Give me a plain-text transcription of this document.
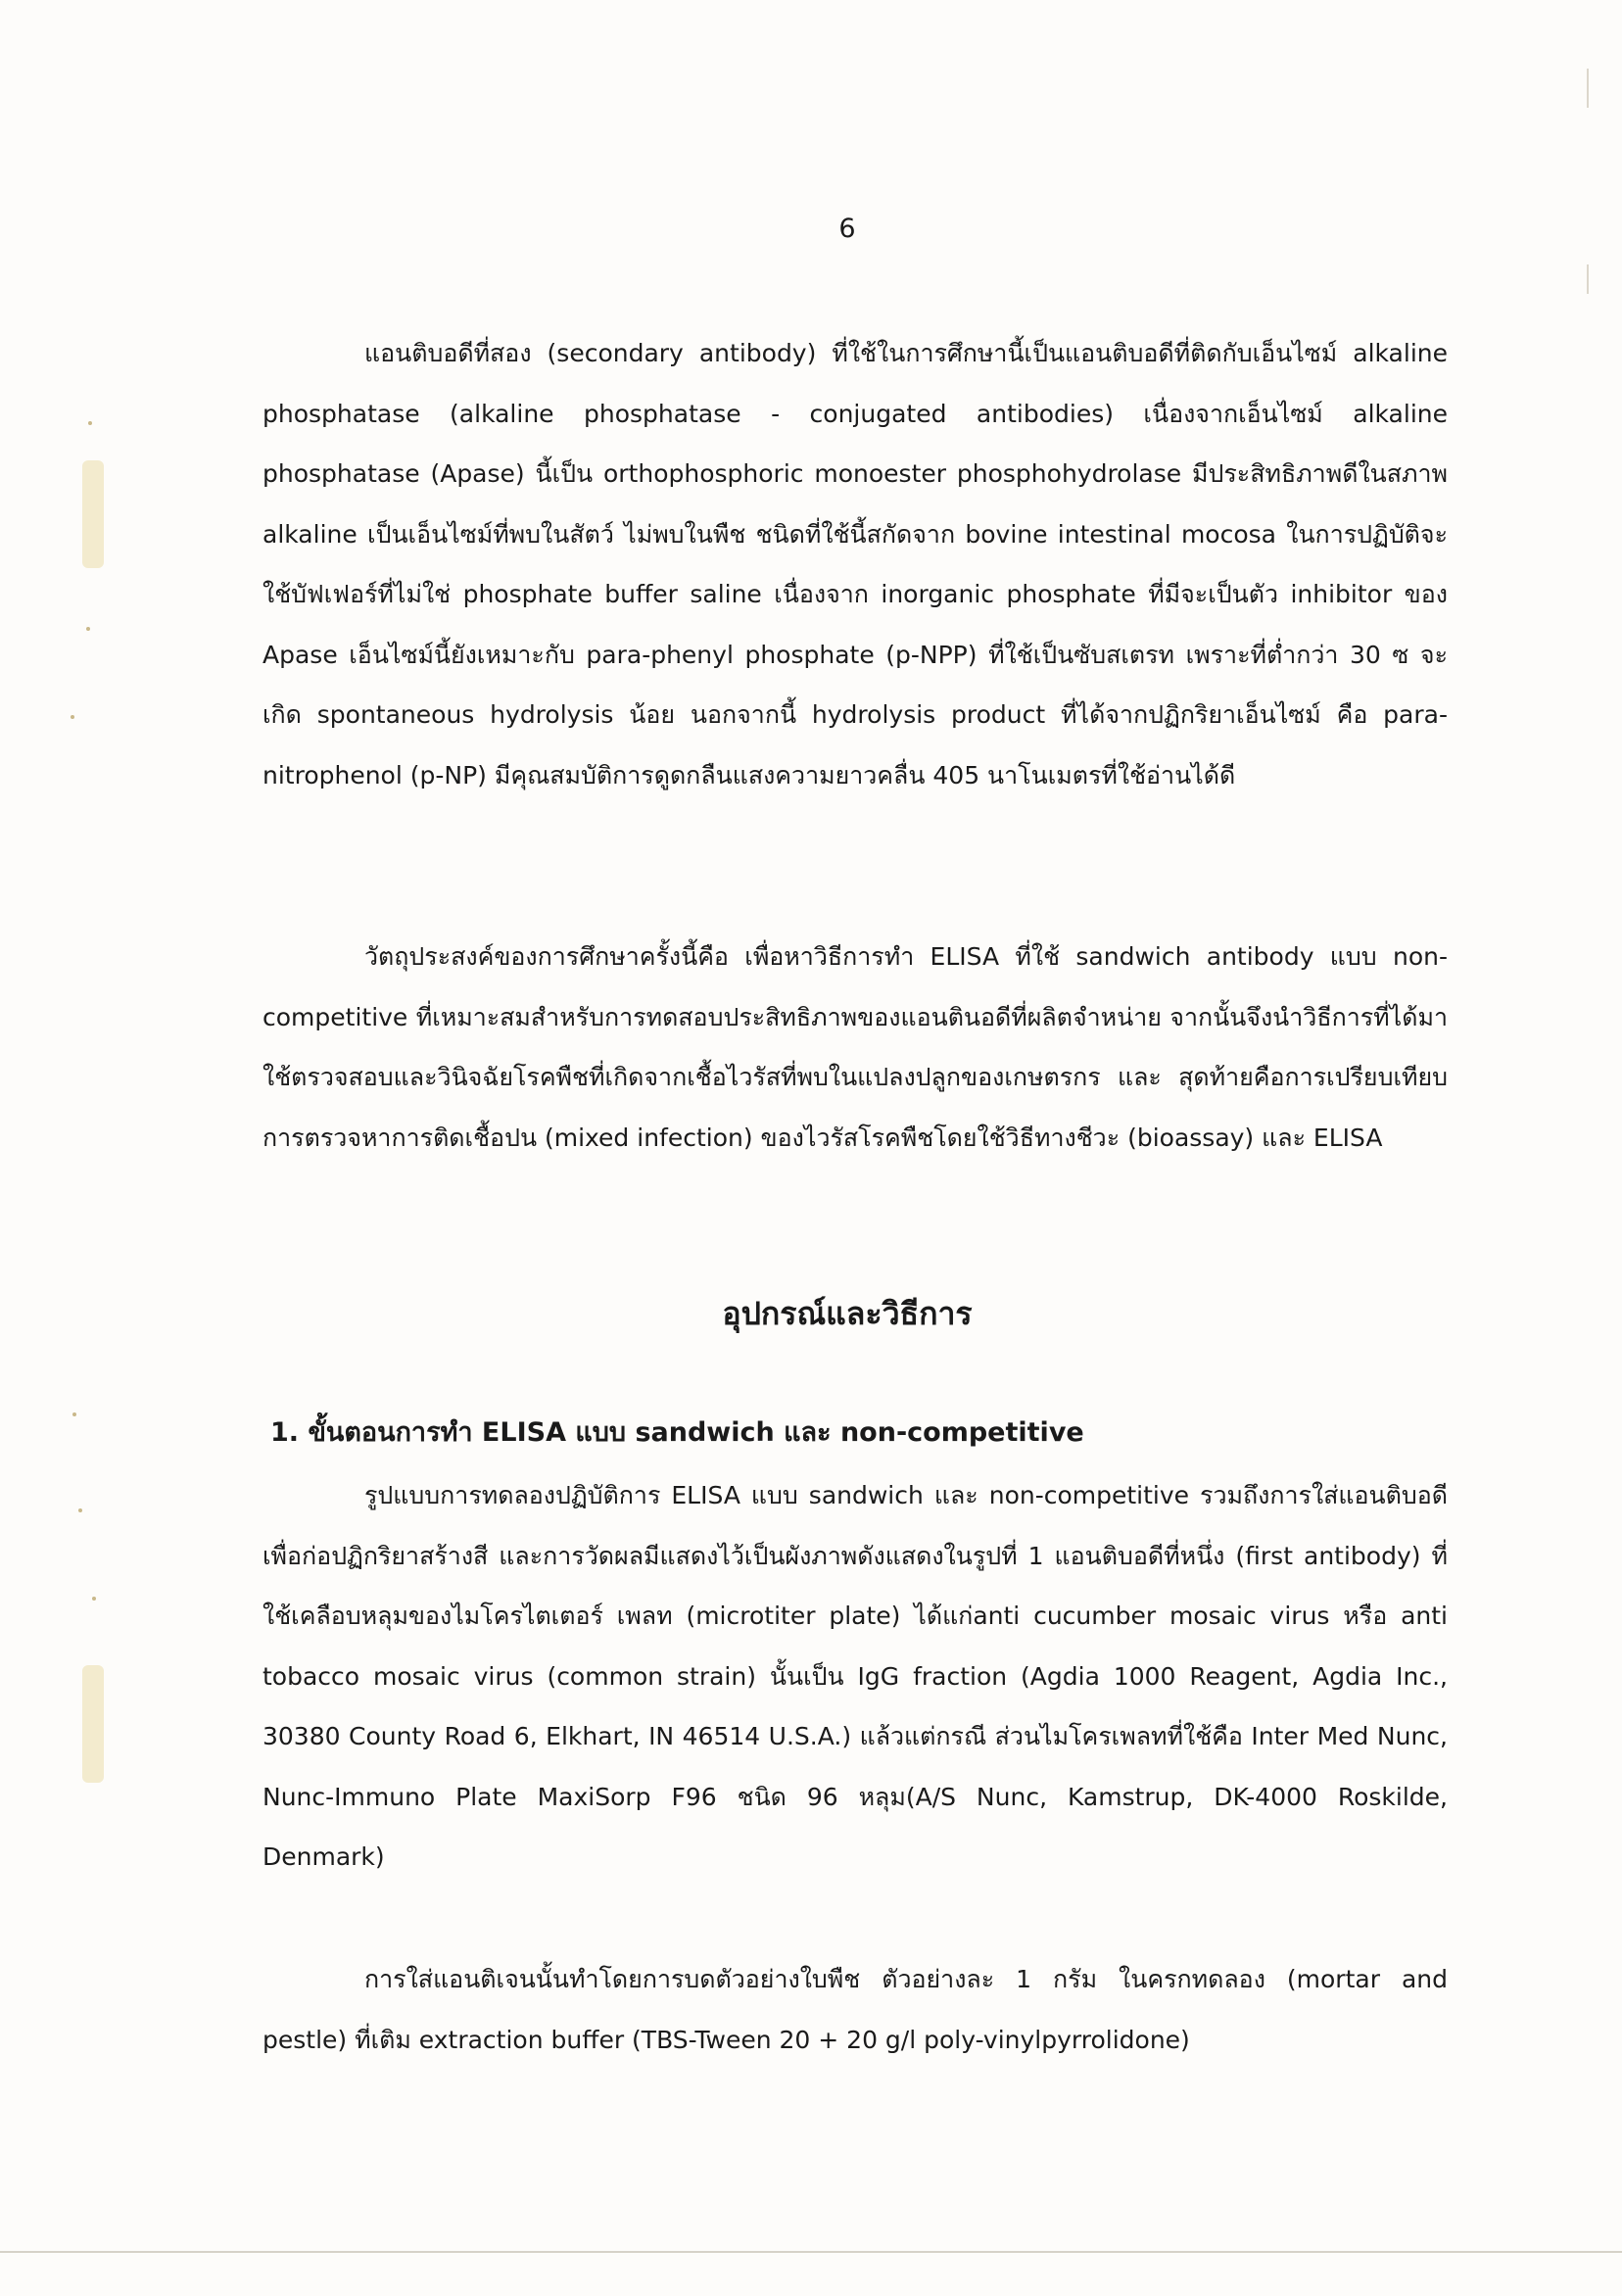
6

แอนติบอดีที่สอง (secondary antibody) ที่ใช้ในการศึกษานี้เป็นแอนติบอดีที่ติดกับเอ็นไซม์ alkaline phosphatase (alkaline phosphatase - conjugated antibodies) เนื่องจากเอ็นไซม์ alkaline phosphatase (Apase) นี้เป็น orthophosphoric monoester phosphohydrolase มีประสิทธิภาพดีในสภาพ alkaline เป็นเอ็นไซม์ที่พบในสัตว์ ไม่พบในพืช ชนิดที่ใช้นี้สกัดจาก bovine intestinal mocosa ในการปฏิบัติจะใช้บัฟเฟอร์ที่ไม่ใช่ phosphate buffer saline เนื่องจาก inorganic phosphate ที่มีจะเป็นตัว inhibitor ของ Apase เอ็นไซม์นี้ยังเหมาะกับ para-phenyl phosphate (p-NPP) ที่ใช้เป็นซับสเตรท เพราะที่ต่ำกว่า 30 ซ จะเกิด spontaneous hydrolysis น้อย นอกจากนี้ hydrolysis product ที่ได้จากปฏิกริยาเอ็นไซม์ คือ para-nitrophenol (p-NP) มีคุณสมบัติการดูดกลืนแสงความยาวคลื่น 405 นาโนเมตรที่ใช้อ่านได้ดี

วัตถุประสงค์ของการศึกษาครั้งนี้คือ เพื่อหาวิธีการทำ ELISA ที่ใช้ sandwich antibody แบบ non-competitive ที่เหมาะสมสำหรับการทดสอบประสิทธิภาพของแอนตินอดีที่ผลิตจำหน่าย จากนั้นจึงนำวิธีการที่ได้มาใช้ตรวจสอบและวินิจฉัยโรคพืชที่เกิดจากเชื้อไวรัสที่พบในแปลงปลูกของเกษตรกร และ สุดท้ายคือการเปรียบเทียบการตรวจหาการติดเชื้อปน (mixed infection) ของไวรัสโรคพืชโดยใช้วิธีทางชีวะ (bioassay) และ ELISA

อุปกรณ์และวิธีการ
1. ขั้นตอนการทำ ELISA แบบ sandwich และ non-competitive

รูปแบบการทดลองปฏิบัติการ ELISA แบบ sandwich และ non-competitive รวมถึงการใส่แอนติบอดีเพื่อก่อปฏิกริยาสร้างสี และการวัดผลมีแสดงไว้เป็นผังภาพดังแสดงในรูปที่ 1 แอนติบอดีที่หนึ่ง (first antibody) ที่ใช้เคลือบหลุมของไมโครไตเตอร์ เพลท (microtiter plate) ได้แก่anti cucumber mosaic virus หรือ anti tobacco mosaic virus (common strain) นั้นเป็น IgG fraction (Agdia 1000 Reagent, Agdia Inc., 30380 County Road 6, Elkhart, IN 46514 U.S.A.) แล้วแต่กรณี ส่วนไมโครเพลทที่ใช้คือ Inter Med Nunc, Nunc-Immuno Plate MaxiSorp F96 ชนิด 96 หลุม(A/S Nunc, Kamstrup, DK-4000 Roskilde, Denmark)

การใส่แอนติเจนนั้นทำโดยการบดตัวอย่างใบพืช ตัวอย่างละ 1 กรัม ในครกทดลอง (mortar and pestle) ที่เติม extraction buffer (TBS-Tween 20 + 20 g/l poly-vinylpyrrolidone)
